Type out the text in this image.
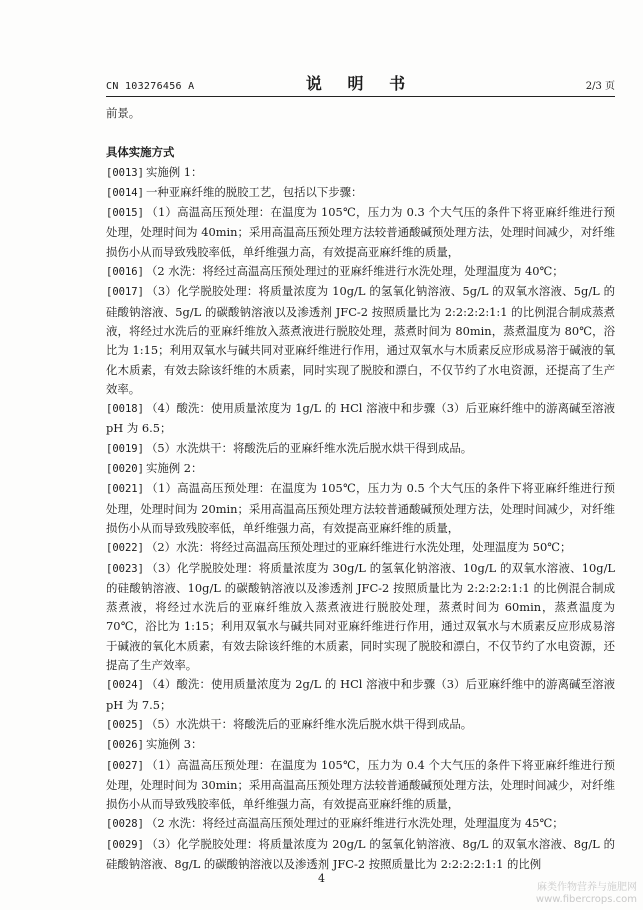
CN 103276456 A	说 明 书	2/3 页

前景。

具体实施方式

[0013] 实施例 1：

[0014] 一种亚麻纤维的脱胶工艺，包括以下步骤：

[0015] （1）高温高压预处理：在温度为 105℃，压力为 0.3 个大气压的条件下将亚麻纤维进行预处理，处理时间为 40min；采用高温高压预处理方法较普通酸碱预处理方法，处理时间减少，对纤维损伤小从而导致残胶率低，单纤维强力高，有效提高亚麻纤维的质量，

[0016] （2 水洗：将经过高温高压预处理过的亚麻纤维进行水洗处理，处理温度为 40℃；

[0017] （3）化学脱胶处理：将质量浓度为 10g/L 的氢氧化钠溶液、5g/L 的双氧水溶液、5g/L 的硅酸钠溶液、5g/L 的碳酸钠溶液以及渗透剂 JFC-2 按照质量比为 2:2:2:2:1:1 的比例混合制成蒸煮液，将经过水洗后的亚麻纤维放入蒸煮液进行脱胶处理，蒸煮时间为 80min，蒸煮温度为 80℃，浴比为 1:15；利用双氧水与碱共同对亚麻纤维进行作用，通过双氧水与木质素反应形成易溶于碱液的氧化木质素，有效去除该纤维的木质素，同时实现了脱胶和漂白，不仅节约了水电资源，还提高了生产效率。

[0018] （4）酸洗：使用质量浓度为 1g/L 的 HCl 溶液中和步骤（3）后亚麻纤维中的游离碱至溶液 pH 为 6.5；

[0019] （5）水洗烘干：将酸洗后的亚麻纤维水洗后脱水烘干得到成品。

[0020] 实施例 2：

[0021] （1）高温高压预处理：在温度为 105℃，压力为 0.5 个大气压的条件下将亚麻纤维进行预处理，处理时间为 20min；采用高温高压预处理方法较普通酸碱预处理方法，处理时间减少，对纤维损伤小从而导致残胶率低，单纤维强力高，有效提高亚麻纤维的质量，

[0022] （2）水洗：将经过高温高压预处理过的亚麻纤维进行水洗处理，处理温度为 50℃；

[0023] （3）化学脱胶处理：将质量浓度为 30g/L 的氢氧化钠溶液、10g/L 的双氧水溶液、10g/L 的硅酸钠溶液、10g/L 的碳酸钠溶液以及渗透剂 JFC-2 按照质量比为 2:2:2:2:1:1 的比例混合制成蒸煮液，将经过水洗后的亚麻纤维放入蒸煮液进行脱胶处理，蒸煮时间为 60min，蒸煮温度为 70℃，浴比为 1:15；利用双氧水与碱共同对亚麻纤维进行作用，通过双氧水与木质素反应形成易溶于碱液的氧化木质素，有效去除该纤维的木质素，同时实现了脱胶和漂白，不仅节约了水电资源，还提高了生产效率。

[0024] （4）酸洗：使用质量浓度为 2g/L 的 HCl 溶液中和步骤（3）后亚麻纤维中的游离碱至溶液 pH 为 7.5；

[0025] （5）水洗烘干：将酸洗后的亚麻纤维水洗后脱水烘干得到成品。

[0026] 实施例 3：

[0027] （1）高温高压预处理：在温度为 105℃，压力为 0.4 个大气压的条件下将亚麻纤维进行预处理，处理时间为 30min；采用高温高压预处理方法较普通酸碱预处理方法，处理时间减少，对纤维损伤小从而导致残胶率低，单纤维强力高，有效提高亚麻纤维的质量，

[0028] （2 水洗：将经过高温高压预处理过的亚麻纤维进行水洗处理，处理温度为 45℃；

[0029] （3）化学脱胶处理：将质量浓度为 20g/L 的氢氧化钠溶液、8g/L 的双氧水溶液、8g/L 的硅酸钠溶液、8g/L 的碳酸钠溶液以及渗透剂 JFC-2 按照质量比为 2:2:2:2:1:1 的比例

4
麻类作物营养与施肥网
www.fibercrops.com
